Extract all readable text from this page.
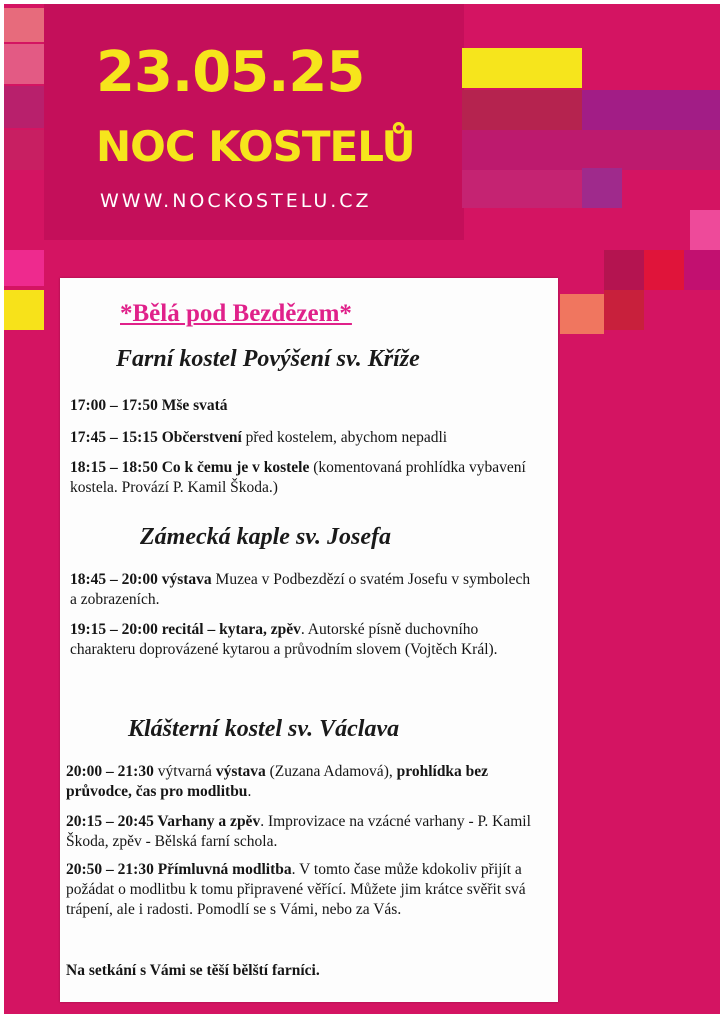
23.05.25
NOC KOSTELŮ
WWW.NOCKOSTELU.CZ
*Bělá pod Bezdězem*
Farní kostel Povýšení sv. Kříže
17:00 – 17:50 Mše svatá
17:45 – 15:15 Občerstvení před kostelem, abychom nepadli
18:15 – 18:50 Co k čemu je v kostele (komentovaná prohlídka vybavení kostela. Provází P. Kamil Škoda.)
Zámecká kaple sv. Josefa
18:45 – 20:00 výstava Muzea v Podbezdězí o svatém Josefu v symbolech a zobrazeních.
19:15 – 20:00 recitál – kytara, zpěv. Autorské písně duchovního charakteru doprovázené kytarou a průvodním slovem (Vojtěch Král).
Klášterní kostel sv. Václava
20:00 – 21:30 výtvarná výstava (Zuzana Adamová), prohlídka bez průvodce, čas pro modlitbu.
20:15 – 20:45 Varhany a zpěv. Improvizace na vzácné varhany - P. Kamil Škoda, zpěv - Bělská farní schola.
20:50 – 21:30 Přímluvná modlitba. V tomto čase může kdokoliv přijít a požádat o modlitbu k tomu připravené věřící. Můžete jim krátce svěřit svá trápení, ale i radosti. Pomodlí se s Vámi, nebo za Vás.
Na setkání s Vámi se těší bělští farníci.
